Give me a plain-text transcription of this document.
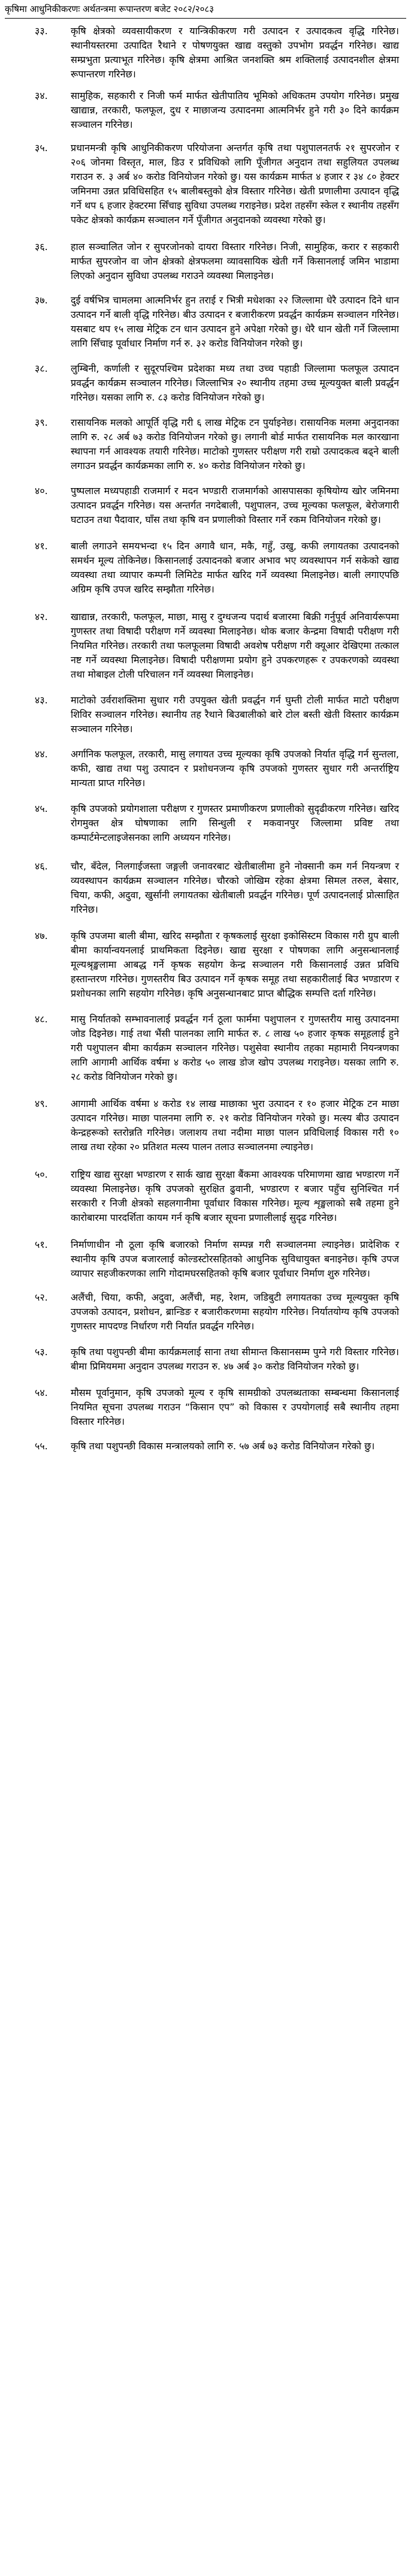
कृषिमा आधुनिकीकरणः अर्थतन्त्रमा रूपान्तरण बजेट २०८२/२०८३
३३. कृषि क्षेत्रको व्यवसायीकरण र यान्त्रिकीकरण गरी उत्पादन र उत्पादकत्व वृद्धि गरिनेछ। स्थानीयस्तरमा उत्पादित रैथाने र पोषणयुक्त खाद्य वस्तुको उपभोग प्रवर्द्धन गरिनेछ। खाद्य सम्प्रभुता प्रत्याभूत गरिनेछ। कृषि क्षेत्रमा आश्रित जनशक्ति श्रम शक्तिलाई उत्पादनशील क्षेत्रमा रूपान्तरण गरिनेछ।
३४. सामुहिक, सहकारी र निजी फर्म मार्फत खेतीपातिय भूमिको अधिकतम उपयोग गरिनेछ। प्रमुख खाद्यान्न, तरकारी, फलफूल, दुध र माछाजन्य उत्पादनमा आत्मनिर्भर हुने गरी ३० दिने कार्यक्रम सञ्चालन गरिनेछ।
३५. प्रधानमन्त्री कृषि आधुनिकीकरण परियोजना अन्तर्गत कृषि तथा पशुपालनतर्फ २१ सुपरजोन र २०६ जोनमा विस्तृत, माल, डिउ र प्रविधिको लागि पूँजीगत अनुदान तथा सहुलियत उपलब्ध गराउन रु. ३ अर्ब ४० करोड विनियोजन गरेको छु। यस कार्यक्रम मार्फत ४ हजार र ३४ ८० हेक्टर जमिनमा उन्नत प्रविधिसहित १५ बालीबस्तुको क्षेत्र विस्तार गरिनेछ। खेती प्रणालीमा उत्पादन वृद्धि गर्ने थप ६ हजार हेक्टरमा सिँचाइ सुविधा उपलब्ध गराइनेछ। प्रदेश तहसँग स्केल र स्थानीय तहसँग पकेट क्षेत्रको कार्यक्रम सञ्चालन गर्ने पूँजीगत अनुदानको व्यवस्था गरेको छु।
३६. हाल सञ्चालित जोन र सुपरजोनको दायरा विस्तार गरिनेछ। निजी, सामुहिक, करार र सहकारी मार्फत सुपरजोन वा जोन क्षेत्रको क्षेत्रफलमा व्यावसायिक खेती गर्ने किसानलाई जमिन भाडामा लिएको अनुदान सुविधा उपलब्ध गराउने व्यवस्था मिलाइनेछ।
३७. दुई वर्षभित्र चामलमा आत्मनिर्भर हुन तराई र भित्री मधेशका २२ जिल्लामा धेरै उत्पादन दिने धान उत्पादन गर्ने बाली वृद्धि गरिनेछ। बीउ उत्पादन र बजारीकरण प्रवर्द्धन कार्यक्रम सञ्चालन गरिनेछ। यसबाट थप १५ लाख मेट्रिक टन धान उत्पादन हुने अपेक्षा गरेको छु। धेरै धान खेती गर्ने जिल्लामा लागि सिँचाइ पूर्वाधार निर्माण गर्न रु. ३२ करोड विनियोजन गरेको छु।
३८. लुम्बिनी, कर्णाली र सुदूरपश्चिम प्रदेशका मध्य तथा उच्च पहाडी जिल्लामा फलफूल उत्पादन प्रवर्द्धन कार्यक्रम सञ्चालन गरिनेछ। जिल्लाभित्र २० स्थानीय तहमा उच्च मूल्ययुक्त बाली प्रवर्द्धन गरिनेछ। यसका लागि रु. ८३ करोड विनियोजन गरेको छु।
३९. रासायनिक मलको आपूर्ति वृद्धि गरी ६ लाख मेट्रिक टन पुर्याइनेछ। रासायनिक मलमा अनुदानका लागि रु. २८ अर्ब ७३ करोड विनियोजन गरेको छु। लगानी बोर्ड मार्फत रासायनिक मल कारखाना स्थापना गर्न आवश्यक तयारी गरिनेछ। माटोको गुणस्तर परीक्षण गरी राम्रो उत्पादकत्व बढ्ने बाली लगाउन प्रवर्द्धन कार्यक्रमका लागि रु. ४० करोड विनियोजन गरेको छु।
४०. पुष्पलाल मध्यपहाडी राजमार्ग र मदन भण्डारी राजमार्गको आसपासका कृषियोग्य खोर जमिनमा उत्पादन प्रवर्द्धन गरिनेछ। यस अन्तर्गत नगदेबाली, पशुपालन, उच्च मूल्यका फलफूल, बेरोजगारी घटाउन तथा पैदावार, घाँस तथा कृषि वन प्रणालीको विस्तार गर्ने रकम विनियोजन गरेको छु।
४१. बाली लगाउने समयभन्दा १५ दिन अगावै धान, मकै, गहुँ, उखु, कफी लगायतका उत्पादनको समर्थन मूल्य तोकिनेछ। किसानलाई उत्पादनको बजार अभाव भए व्यवस्थापन गर्न सकेको खाद्य व्यवस्था तथा व्यापार कम्पनी लिमिटेड मार्फत खरिद गर्ने व्यवस्था मिलाइनेछ। बाली लगाएपछि अग्रिम कृषि उपज खरिद सम्झौता गरिनेछ।
४२. खाद्यान्न, तरकारी, फलफूल, माछा, मासु र दुग्धजन्य पदार्थ बजारमा बिक्री गर्नुपूर्व अनिवार्यरूपमा गुणस्तर तथा विषादी परीक्षण गर्ने व्यवस्था मिलाइनेछ। थोक बजार केन्द्रमा विषादी परीक्षण गरी नियमित गरिनेछ। तरकारी तथा फलफूलमा विषादी अवशेष परीक्षण गरी क्यूआर देखिएमा तत्काल नष्ट गर्ने व्यवस्था मिलाइनेछ। विषादी परीक्षणमा प्रयोग हुने उपकरणहरू र उपकरणको व्यवस्था तथा मोबाइल टोली परिचालन गर्ने व्यवस्था मिलाइनेछ।
४३. माटोको उर्वराशक्तिमा सुधार गरी उपयुक्त खेती प्रवर्द्धन गर्न घुम्ती टोली मार्फत माटो परीक्षण शिविर सञ्चालन गरिनेछ। स्थानीय तह रैथाने बिउबालीको बारे टोल बस्ती खेती विस्तार कार्यक्रम सञ्चालन गरिनेछ।
४४. अर्गानिक फलफूल, तरकारी, मासु लगायत उच्च मूल्यका कृषि उपजको निर्यात वृद्धि गर्न सुन्तला, कफी, खाद्य तथा पशु उत्पादन र प्रशोधनजन्य कृषि उपजको गुणस्तर सुधार गरी अन्तर्राष्ट्रिय मान्यता प्राप्त गरिनेछ।
४५. कृषि उपजको प्रयोगशाला परीक्षण र गुणस्तर प्रमाणीकरण प्रणालीको सुदृढीकरण गरिनेछ। खरिद रोगमुक्त क्षेत्र घोषणाका लागि सिन्धुली र मकवानपुर जिल्लामा प्रविष्ट तथा कम्पार्टमेन्टलाइजेसनका लागि अध्ययन गरिनेछ।
४६. चौर, बँदेल, निलगाईजस्ता जङ्गली जनावरबाट खेतीबालीमा हुने नोक्सानी कम गर्न नियन्त्रण र व्यवस्थापन कार्यक्रम सञ्चालन गरिनेछ। चौरको जोखिम रहेका क्षेत्रमा सिमल तरुल, बेसार, चिया, कफी, अदुवा, खुर्सानी लगायतका खेतीबाली प्रवर्द्धन गरिनेछ। पूर्ण उत्पादनलाई प्रोत्साहित गरिनेछ।
४७. कृषि उपजमा बाली बीमा, खरिद सम्झौता र कृषकलाई सुरक्षा इकोसिस्टम विकास गरी ग्रुप बाली बीमा कार्यान्वयनलाई प्राथमिकता दिइनेछ। खाद्य सुरक्षा र पोषणका लागि अनुसन्धानलाई मूल्यश्रृङ्खलामा आबद्ध गर्ने कृषक सहयोग केन्द्र सञ्चालन गरी किसानलाई उन्नत प्रविधि हस्तान्तरण गरिनेछ। गुणस्तरीय बिउ उत्पादन गर्ने कृषक समूह तथा सहकारीलाई बिउ भण्डारण र प्रशोधनका लागि सहयोग गरिनेछ। कृषि अनुसन्धानबाट प्राप्त बौद्धिक सम्पत्ति दर्ता गरिनेछ।
४८. मासु निर्यातको सम्भावनालाई प्रवर्द्धन गर्न ठूला फार्ममा पशुपालन र गुणस्तरीय मासु उत्पादनमा जोड दिइनेछ। गाई तथा भैंसी पालनका लागि मार्फत रु. ८ लाख ५० हजार कृषक समूहलाई हुने गरी पशुपालन बीमा कार्यक्रम सञ्चालन गरिनेछ। पशुसेवा स्थानीय तहका महामारी नियन्त्रणका लागि आगामी आर्थिक वर्षमा ४ करोड ५० लाख डोज खोप उपलब्ध गराइनेछ। यसका लागि रु. २८ करोड विनियोजन गरेको छु।
४९. आगामी आर्थिक वर्षमा ४ करोड १४ लाख माछाका भुरा उत्पादन र १० हजार मेट्रिक टन माछा उत्पादन गरिनेछ। माछा पालनमा लागि रु. २१ करोड विनियोजन गरेको छु। मत्स्य बीउ उत्पादन केन्द्रहरूको स्तरोन्नति गरिनेछ। जलाशय तथा नदीमा माछा पालन प्रविधिलाई विकास गरी १० लाख तथा रहेका २० प्रतिशत मत्स्य पालन तलाउ सञ्चालनमा ल्याइनेछ।
५०. राष्ट्रिय खाद्य सुरक्षा भण्डारण र सार्क खाद्य सुरक्षा बैंकमा आवश्यक परिमाणमा खाद्य भण्डारण गर्ने व्यवस्था मिलाइनेछ। कृषि उपजको सुरक्षित ढुवानी, भण्डारण र बजार पहुँच सुनिश्चित गर्न सरकारी र निजी क्षेत्रको सहलगानीमा पूर्वाधार विकास गरिनेछ। मूल्य शृङ्खलाको सबै तहमा हुने कारोबारमा पारदर्शिता कायम गर्न कृषि बजार सूचना प्रणालीलाई सुदृढ गरिनेछ।
५१. निर्माणाधीन नौ ठूला कृषि बजारको निर्माण सम्पन्न गरी सञ्चालनमा ल्याइनेछ। प्रादेशिक र स्थानीय कृषि उपज बजारलाई कोल्डस्टोरसहितको आधुनिक सुविधायुक्त बनाइनेछ। कृषि उपज व्यापार सहजीकरणका लागि गोदामघरसहितको कृषि बजार पूर्वाधार निर्माण शुरु गरिनेछ।
५२. अलैंची, चिया, कफी, अदुवा, अलैंची, मह, रेशम, जडिबुटी लगायतका उच्च मूल्ययुक्त कृषि उपजको उत्पादन, प्रशोधन, ब्रान्डिङ र बजारीकरणमा सहयोग गरिनेछ। निर्यातयोग्य कृषि उपजको गुणस्तर मापदण्ड निर्धारण गरी निर्यात प्रवर्द्धन गरिनेछ।
५३. कृषि तथा पशुपन्छी बीमा कार्यक्रमलाई साना तथा सीमान्त किसानसम्म पुग्ने गरी विस्तार गरिनेछ। बीमा प्रिमियममा अनुदान उपलब्ध गराउन रु. ४७ अर्ब ३० करोड विनियोजन गरेको छु।
५४. मौसम पूर्वानुमान, कृषि उपजको मूल्य र कृषि सामग्रीको उपलब्धताका सम्बन्धमा किसानलाई नियमित सूचना उपलब्ध गराउन “किसान एप” को विकास र उपयोगलाई सबै स्थानीय तहमा विस्तार गरिनेछ।
५५. कृषि तथा पशुपन्छी विकास मन्त्रालयको लागि रु. ५७ अर्ब ७३ करोड विनियोजन गरेको छु।
